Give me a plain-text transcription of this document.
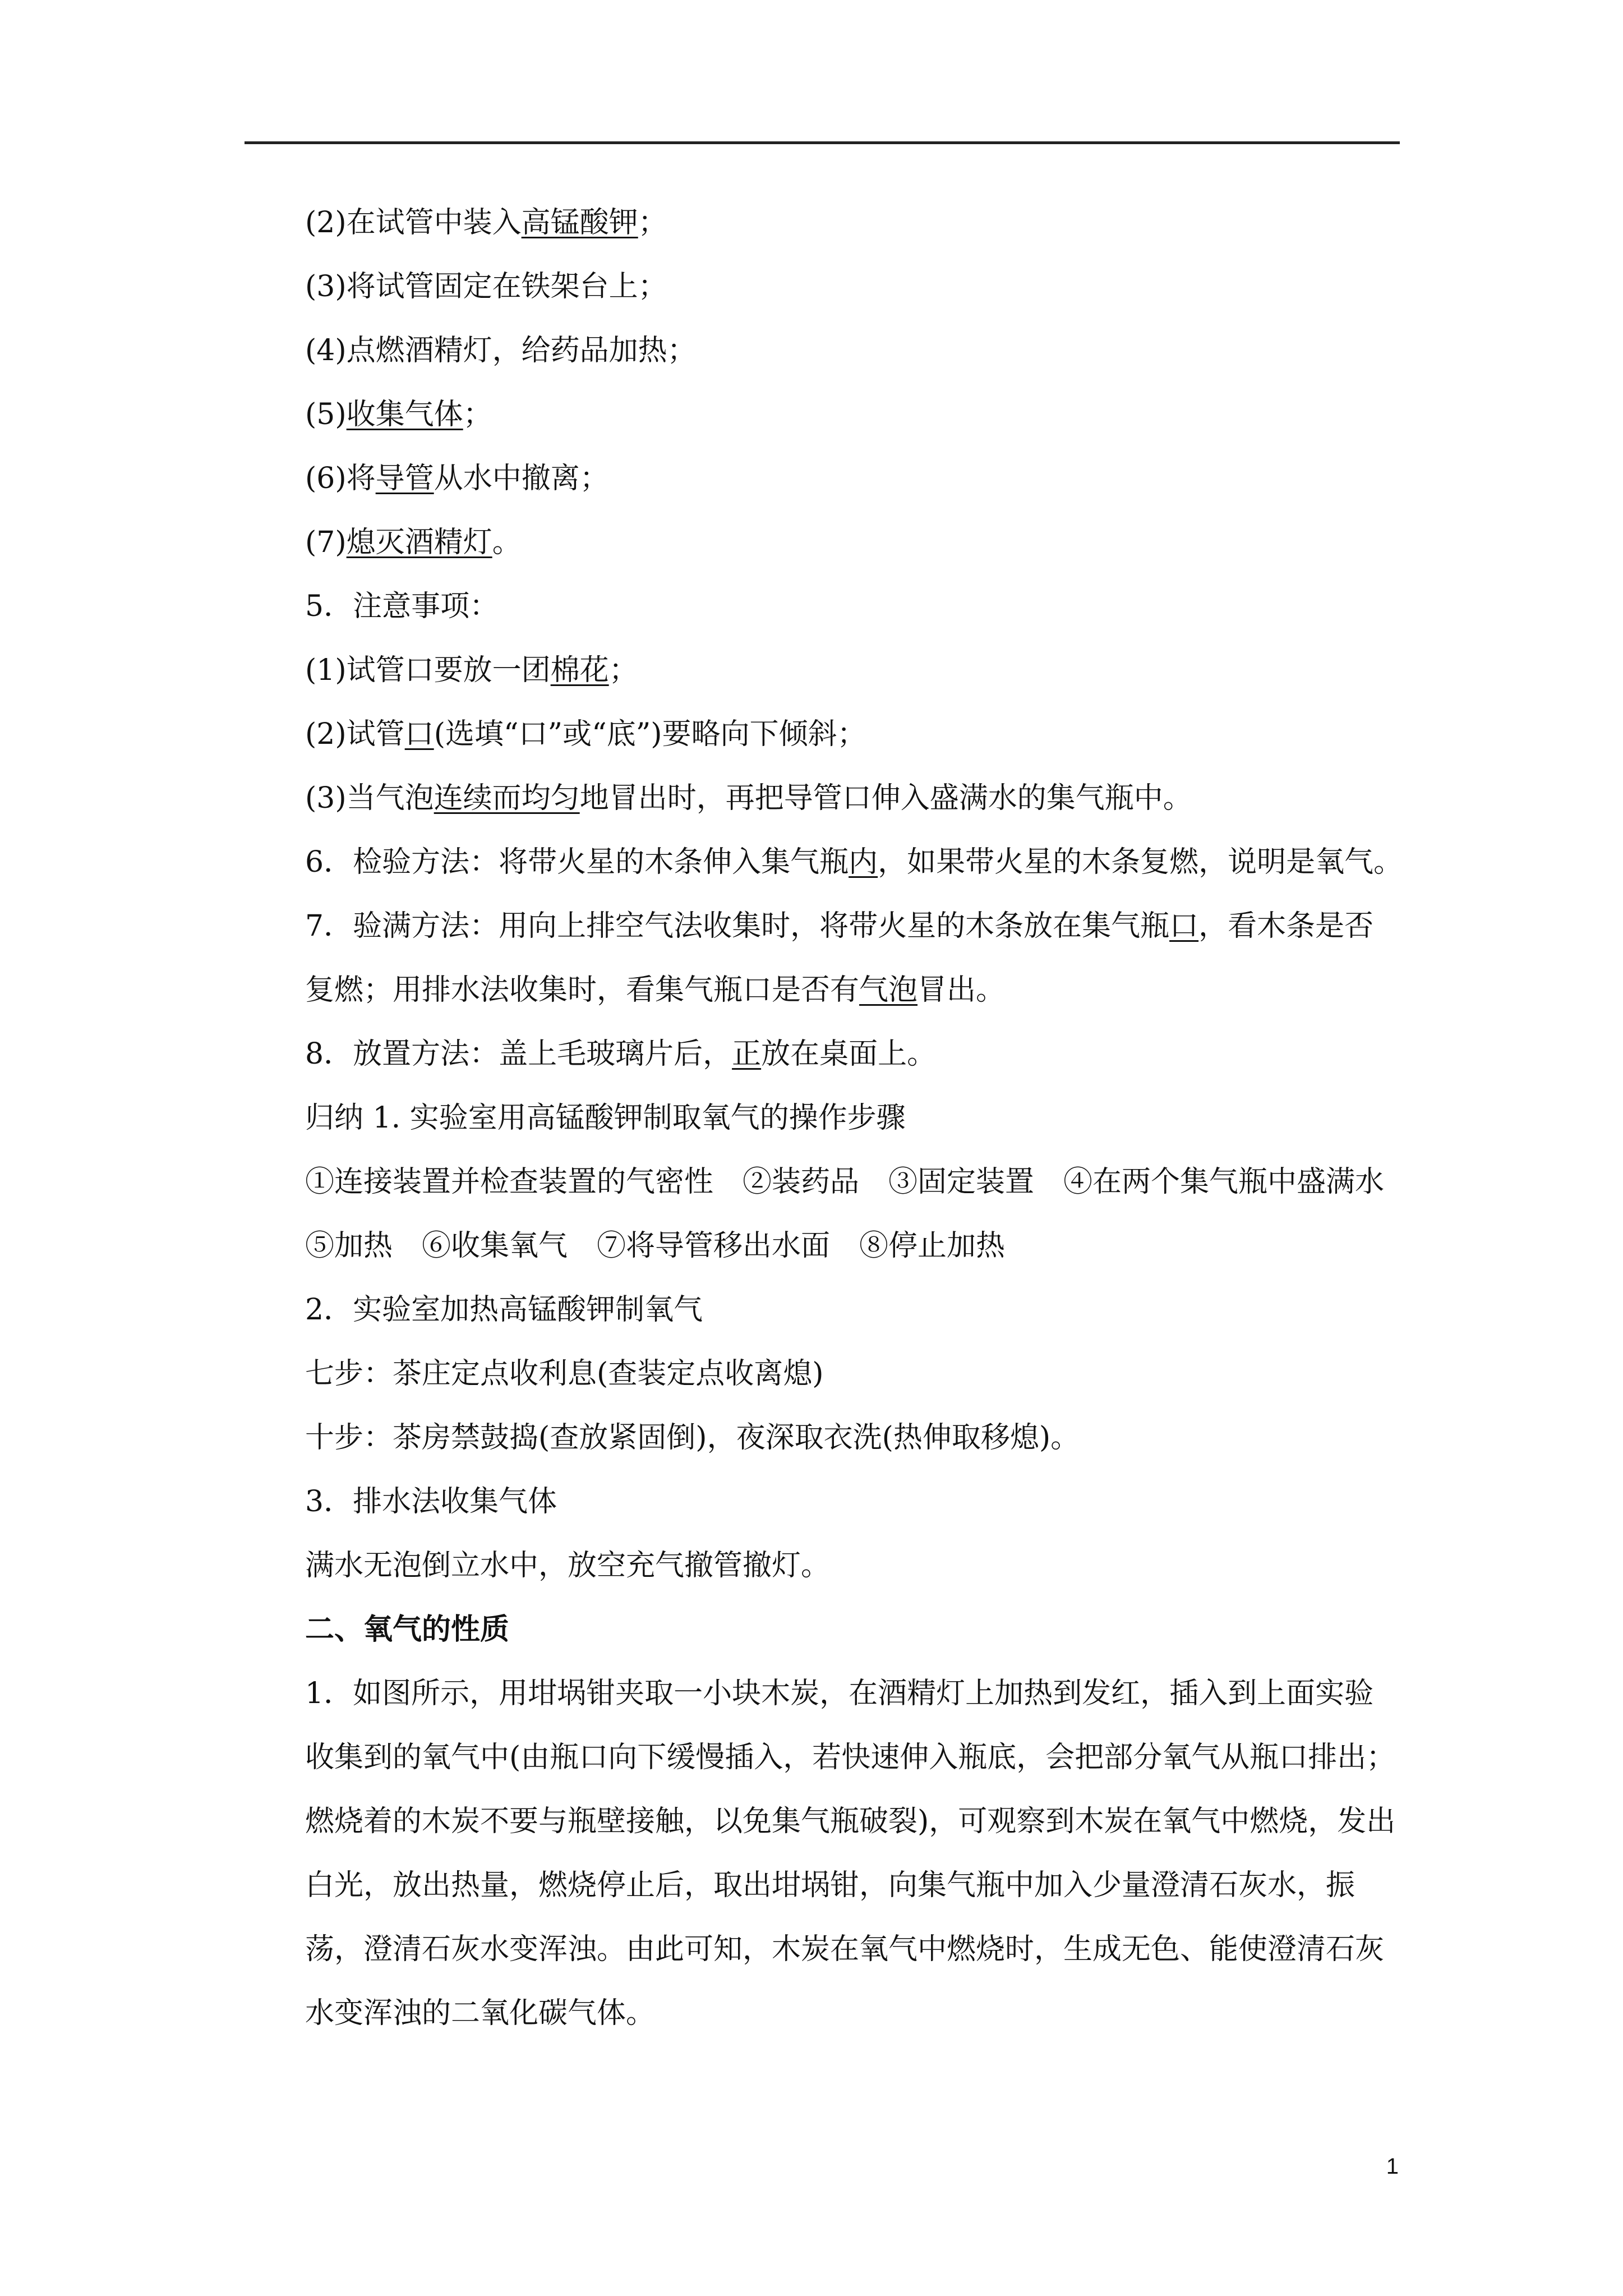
(2)在试管中装入高锰酸钾；

(3)将试管固定在铁架台上；

(4)点燃酒精灯，给药品加热；

(5)收集气体；

(6)将导管从水中撤离；

(7)熄灭酒精灯。

5．注意事项：

(1)试管口要放一团棉花；

(2)试管口(选填“口”或“底”)要略向下倾斜；

(3)当气泡连续而均匀地冒出时，再把导管口伸入盛满水的集气瓶中。

6．检验方法：将带火星的木条伸入集气瓶内，如果带火星的木条复燃，说明是氧气。

7．验满方法：用向上排空气法收集时，将带火星的木条放在集气瓶口，看木条是否复燃；用排水法收集时，看集气瓶口是否有气泡冒出。

8．放置方法：盖上毛玻璃片后，正放在桌面上。

归纳 1. 实验室用高锰酸钾制取氧气的操作步骤

①连接装置并检查装置的气密性　②装药品　③固定装置　④在两个集气瓶中盛满水⑤加热　⑥收集氧气　⑦将导管移出水面　⑧停止加热

2．实验室加热高锰酸钾制氧气

七步：茶庄定点收利息(查装定点收离熄)

十步：茶房禁鼓捣(查放紧固倒)，夜深取衣洗(热伸取移熄)。

3．排水法收集气体

满水无泡倒立水中，放空充气撤管撤灯。

二、氧气的性质

1．如图所示，用坩埚钳夹取一小块木炭，在酒精灯上加热到发红，插入到上面实验收集到的氧气中(由瓶口向下缓慢插入，若快速伸入瓶底，会把部分氧气从瓶口排出；燃烧着的木炭不要与瓶壁接触，以免集气瓶破裂)，可观察到木炭在氧气中燃烧，发出白光，放出热量，燃烧停止后，取出坩埚钳，向集气瓶中加入少量澄清石灰水，振荡，澄清石灰水变浑浊。由此可知，木炭在氧气中燃烧时，生成无色、能使澄清石灰水变浑浊的二氧化碳气体。

1
